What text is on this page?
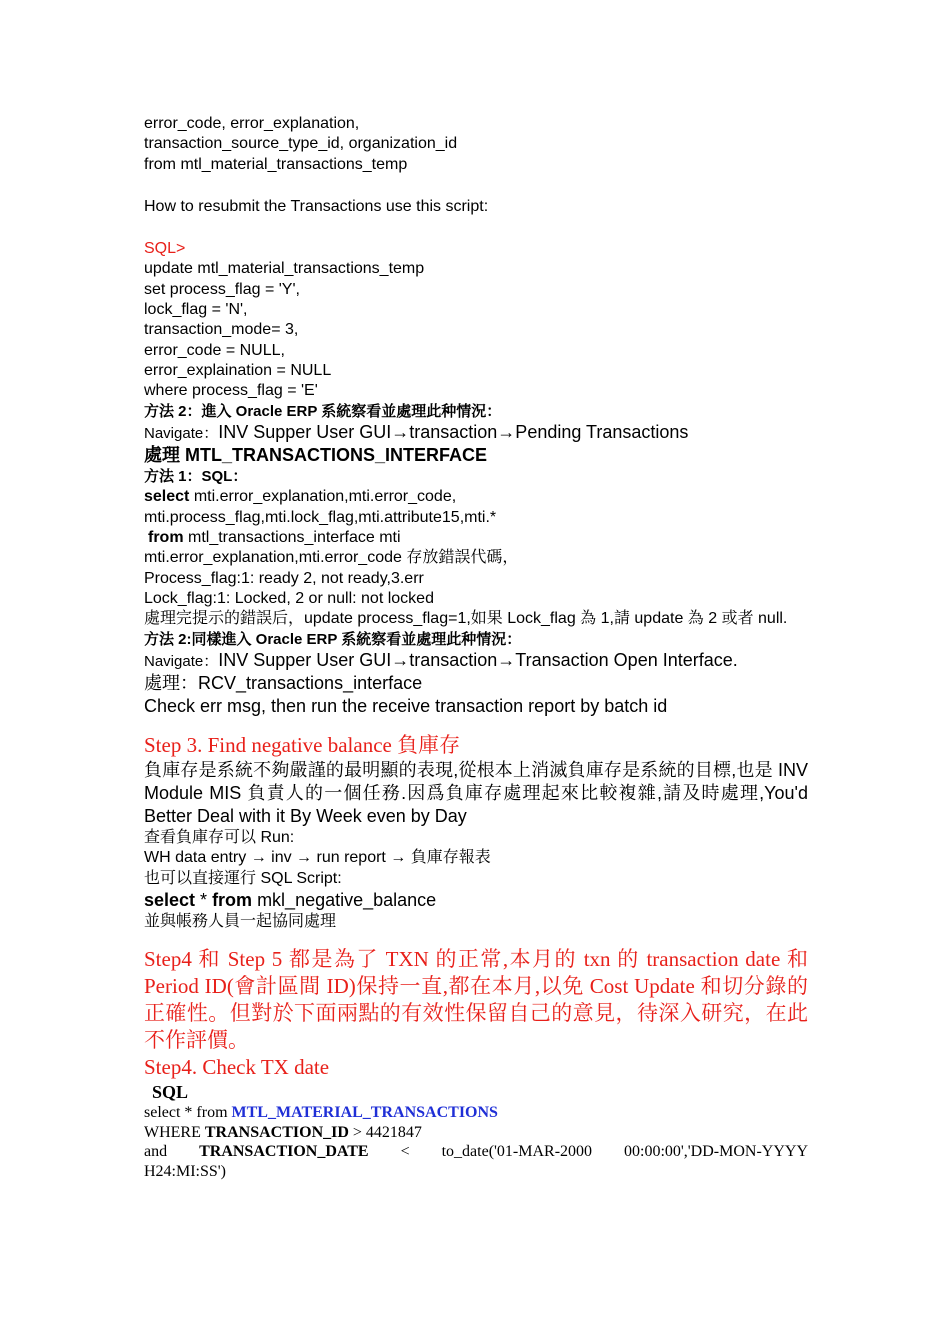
error_code, error_explanation,
transaction_source_type_id, organization_id
from mtl_material_transactions_temp
How to resubmit the Transactions use this script:
SQL>
update mtl_material_transactions_temp
set process_flag = 'Y',
lock_flag = 'N',
transaction_mode= 3,
error_code = NULL,
error_explaination = NULL
where process_flag = 'E'
方法 2：進入 Oracle ERP 系統察看並處理此种情況：
Navigate：INV Supper User GUI→transaction→Pending Transactions
處理 MTL_TRANSACTIONS_INTERFACE
方法 1：SQL：
select mti.error_explanation,mti.error_code,
mti.process_flag,mti.lock_flag,mti.attribute15,mti.*
from mtl_transactions_interface mti
mti.error_explanation,mti.error_code 存放錯誤代碼，
Process_flag:1: ready 2, not ready,3.err
Lock_flag:1: Locked, 2 or null: not locked
處理完提示的錯誤后，update process_flag=1,如果 Lock_flag 為 1,請 update 為 2 或者 null.
方法 2:同樣進入 Oracle ERP 系統察看並處理此种情況：
Navigate：INV Supper User GUI→transaction→Transaction Open Interface.
處理：RCV_transactions_interface
Check err msg, then run the receive transaction report by batch id
Step 3. Find negative balance 負庫存
負庫存是系統不夠嚴謹的最明顯的表現,從根本上消滅負庫存是系統的目標,也是 INV Module MIS 負責人的一個任務.因爲負庫存處理起來比較複雜,請及時處理,You'd Better Deal with it By Week even by Day
查看負庫存可以 Run:
WH data entry → inv → run report → 負庫存報表
也可以直接運行 SQL Script:
select * from mkl_negative_balance
並與帳務人員一起協同處理
Step4 和 Step 5 都是為了 TXN 的正常,本月的 txn 的 transaction date 和 Period ID(會計區間 ID)保持一直,都在本月,以免 Cost Update 和切分錄的正確性。但對於下面兩點的有效性保留自己的意見，待深入研究，在此不作評價。
Step4. Check TX date
SQL
select * from MTL_MATERIAL_TRANSACTIONS
WHERE TRANSACTION_ID > 4421847
and TRANSACTION_DATE < to_date('01-MAR-2000 00:00:00','DD-MON-YYYY
H24:MI:SS')
